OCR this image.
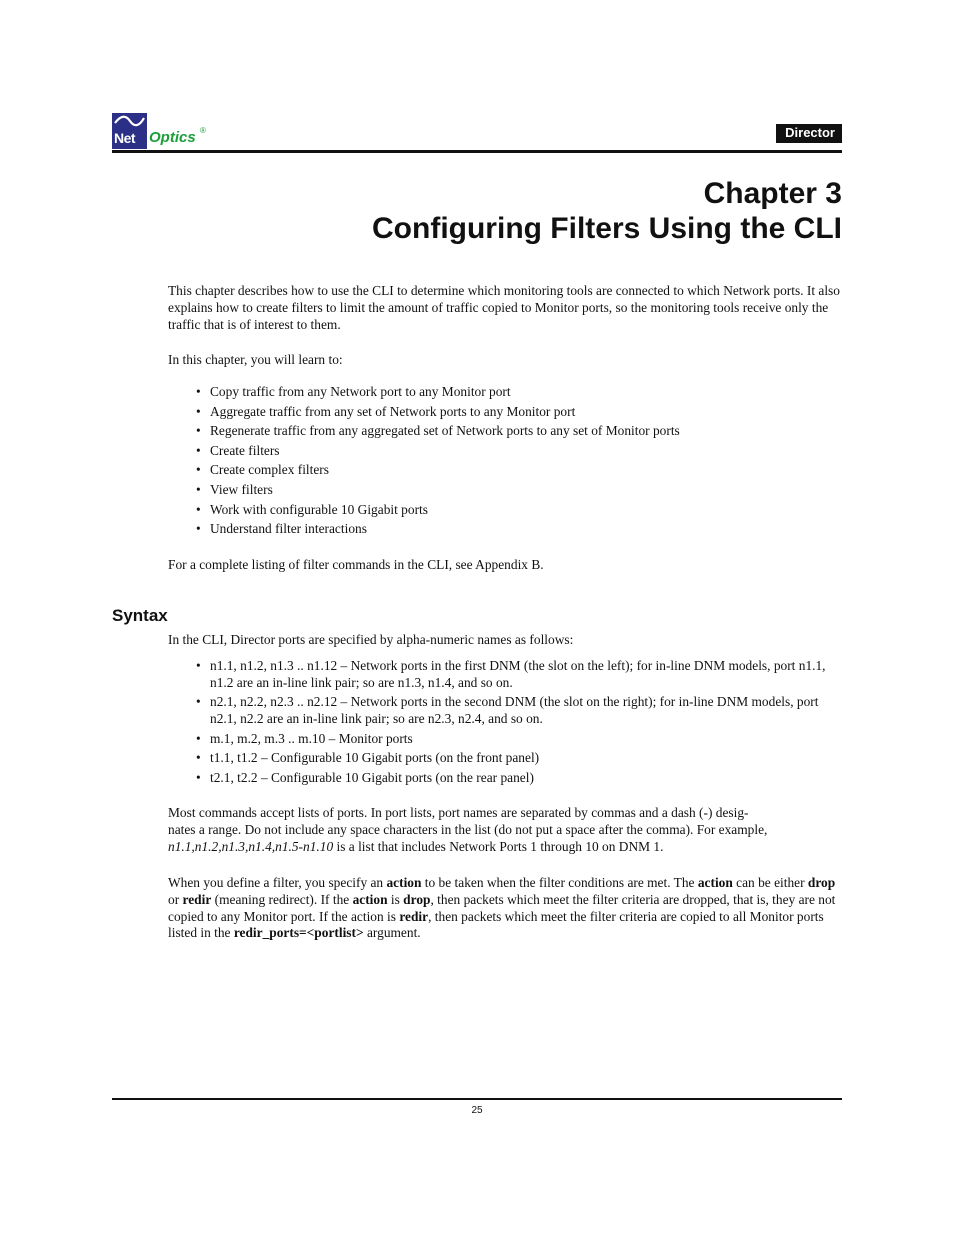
Net Optics ®	Director
Chapter 3
Configuring Filters Using the CLI

This chapter describes how to use the CLI to determine which monitoring tools are connected to which Network ports. It also explains how to create filters to limit the amount of traffic copied to Monitor ports, so the monitoring tools receive only the traffic that is of interest to them.

In this chapter, you will learn to:

• Copy traffic from any Network port to any Monitor port
• Aggregate traffic from any set of Network ports to any Monitor port
• Regenerate traffic from any aggregated set of Network ports to any set of Monitor ports
• Create filters
• Create complex filters
• View filters
• Work with configurable 10 Gigabit ports
• Understand filter interactions

For a complete listing of filter commands in the CLI, see Appendix B.

Syntax

In the CLI, Director ports are specified by alpha-numeric names as follows:

• n1.1, n1.2, n1.3 .. n1.12 – Network ports in the first DNM (the slot on the left); for in-line DNM models, port n1.1, n1.2 are an in-line link pair; so are n1.3, n1.4, and so on.
• n2.1, n2.2, n2.3 .. n2.12 – Network ports in the second DNM (the slot on the right); for in-line DNM models, port n2.1, n2.2 are an in-line link pair; so are n2.3, n2.4, and so on.
• m.1, m.2, m.3 .. m.10 – Monitor ports
• t1.1, t1.2 – Configurable 10 Gigabit ports (on the front panel)
• t2.1, t2.2 – Configurable 10 Gigabit ports (on the rear panel)
Most commands accept lists of ports. In port lists, port names are separated by commas and a dash (-) desig-
nates a range. Do not include any space characters in the list (do not put a space after the comma). For example,
n1.1,n1.2,n1.3,n1.4,n1.5-n1.10 is a list that includes Network Ports 1 through 10 on DNM 1.

When you define a filter, you specify an action to be taken when the filter conditions are met. The action can be either drop or redir (meaning redirect). If the action is drop, then packets which meet the filter criteria are dropped, that is, they are not copied to any Monitor port. If the action is redir, then packets which meet the filter criteria are copied to all Monitor ports listed in the redir_ports=<portlist> argument.

25
